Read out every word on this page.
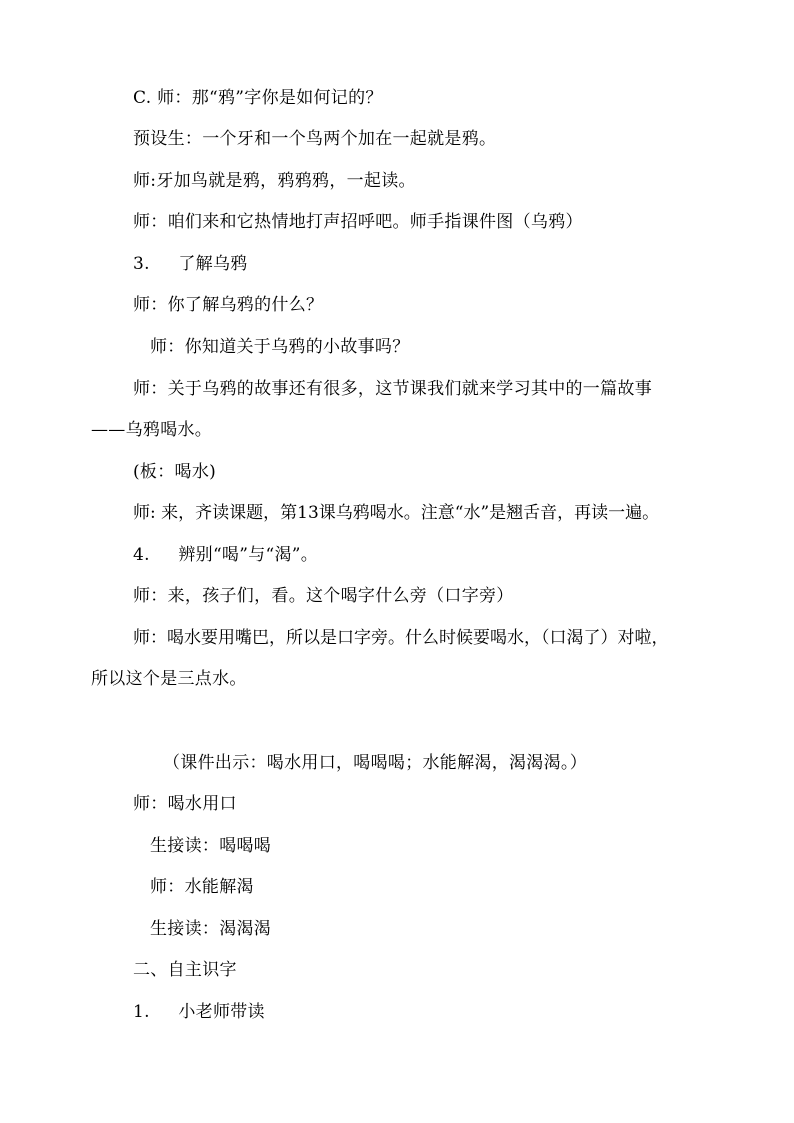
C. 师：那“鸦”字你是如何记的？
预设生：一个牙和一个鸟两个加在一起就是鸦。
师:牙加鸟就是鸦，鸦鸦鸦，一起读。
师：咱们来和它热情地打声招呼吧。师手指课件图（乌鸦）
3.     了解乌鸦
师：你了解乌鸦的什么？
师：你知道关于乌鸦的小故事吗？
师：关于乌鸦的故事还有很多，这节课我们就来学习其中的一篇故事
——乌鸦喝水。
(板：喝水)
师: 来，齐读课题，第13课乌鸦喝水。注意“水”是翘舌音，再读一遍。
4.     辨别“喝”与“渴”。
师：来，孩子们，看。这个喝字什么旁（口字旁）
师：喝水要用嘴巴，所以是口字旁。什么时候要喝水，（口渴了）对啦，
所以这个是三点水。
（课件出示：喝水用口，喝喝喝；水能解渴，渴渴渴。）
师：喝水用口
生接读：喝喝喝
师：水能解渴
生接读：渴渴渴
二、自主识字
1.     小老师带读
